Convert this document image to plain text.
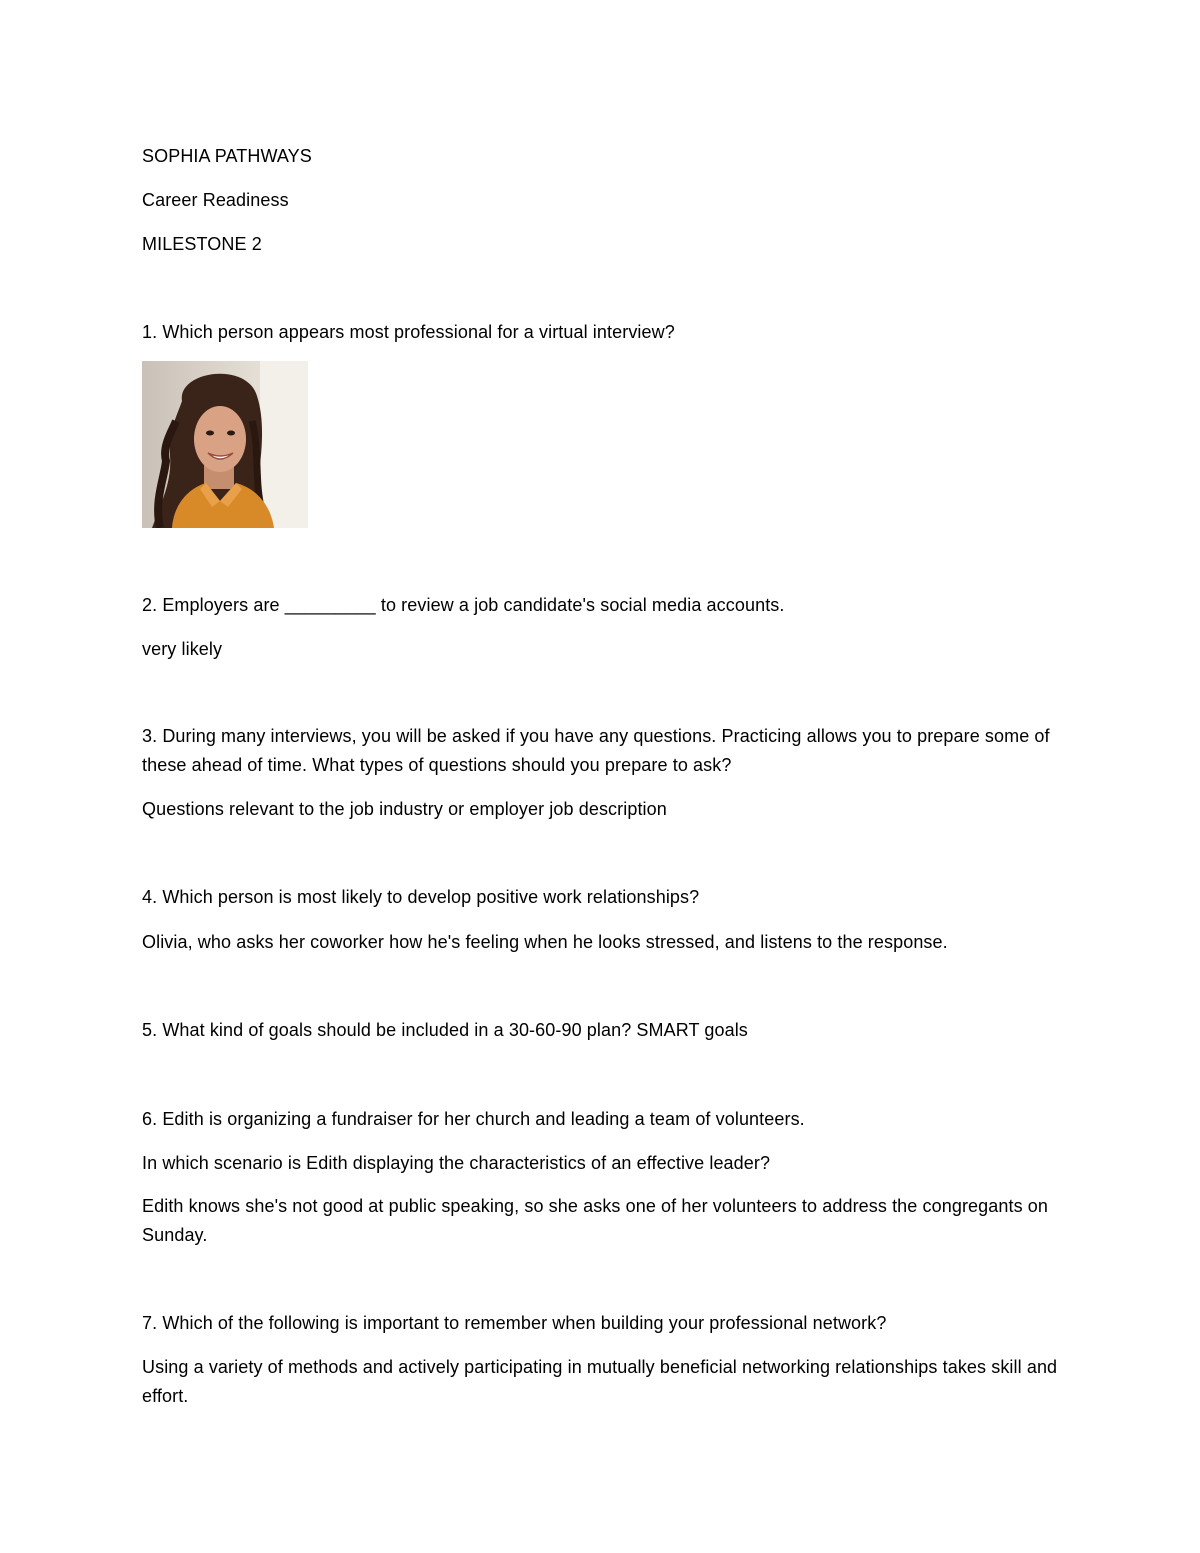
SOPHIA PATHWAYS

Career Readiness

MILESTONE 2

1. Which person appears most professional for a virtual interview?

2. Employers are _________ to review a job candidate's social media accounts.

very likely

3. During many interviews, you will be asked if you have any questions. Practicing allows you to prepare some of these ahead of time. What types of questions should you prepare to ask?

Questions relevant to the job industry or employer job description

4. Which person is most likely to develop positive work relationships?

Olivia, who asks her coworker how he's feeling when he looks stressed, and listens to the response.

5. What kind of goals should be included in a 30-60-90 plan? SMART goals

6. Edith is organizing a fundraiser for her church and leading a team of volunteers.

In which scenario is Edith displaying the characteristics of an effective leader?

Edith knows she's not good at public speaking, so she asks one of her volunteers to address the congregants on Sunday.

7. Which of the following is important to remember when building your professional network?

Using a variety of methods and actively participating in mutually beneficial networking relationships takes skill and effort.
